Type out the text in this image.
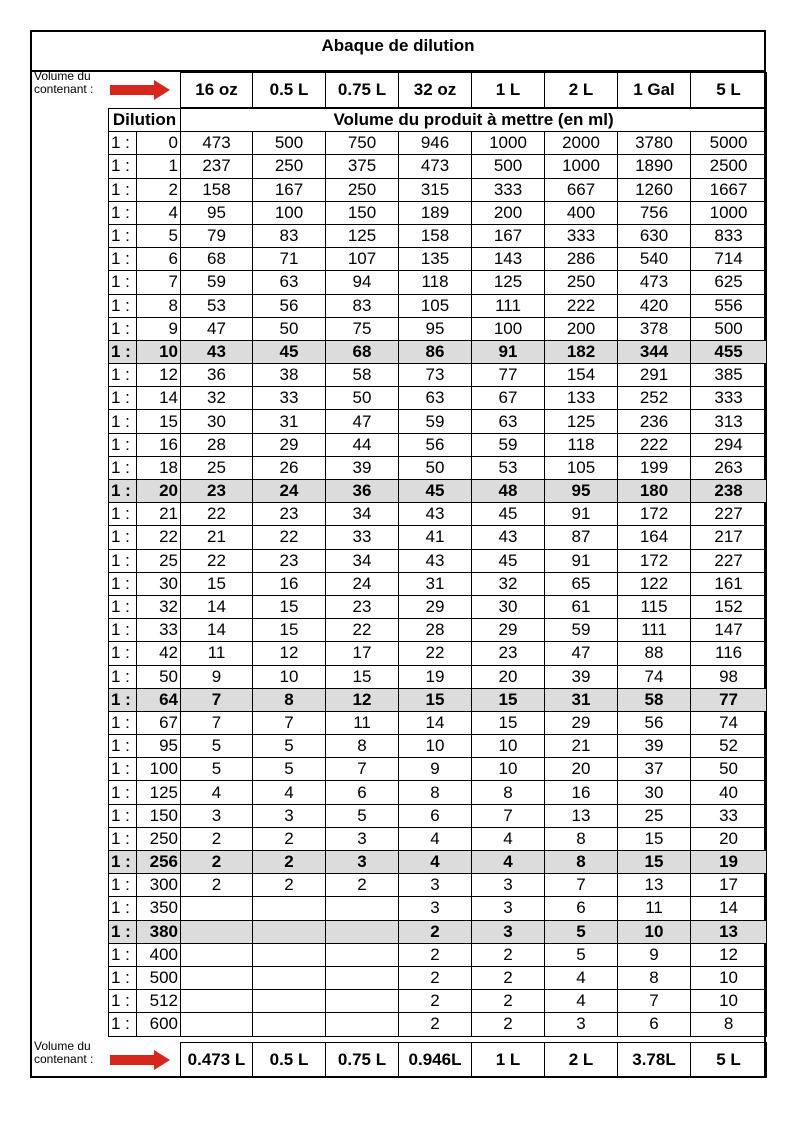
Abaque de dilution
Volume du contenant :	16 oz	0.5 L	0.75 L	32 oz	1 L	2 L	1 Gal	5 L
Dilution		Volume du produit à mettre (en ml)							
1 :	0	473	500	750	946	1000	2000	3780	5000
1 :	1	237	250	375	473	500	1000	1890	2500
1 :	2	158	167	250	315	333	667	1260	1667
1 :	4	95	100	150	189	200	400	756	1000
1 :	5	79	83	125	158	167	333	630	833
1 :	6	68	71	107	135	143	286	540	714
1 :	7	59	63	94	118	125	250	473	625
1 :	8	53	56	83	105	111	222	420	556
1 :	9	47	50	75	95	100	200	378	500
1 :	10	43	45	68	86	91	182	344	455
1 :	12	36	38	58	73	77	154	291	385
1 :	14	32	33	50	63	67	133	252	333
1 :	15	30	31	47	59	63	125	236	313
1 :	16	28	29	44	56	59	118	222	294
1 :	18	25	26	39	50	53	105	199	263
1 :	20	23	24	36	45	48	95	180	238
1 :	21	22	23	34	43	45	91	172	227
1 :	22	21	22	33	41	43	87	164	217
1 :	25	22	23	34	43	45	91	172	227
1 :	30	15	16	24	31	32	65	122	161
1 :	32	14	15	23	29	30	61	115	152
1 :	33	14	15	22	28	29	59	111	147
1 :	42	11	12	17	22	23	47	88	116
1 :	50	9	10	15	19	20	39	74	98
1 :	64	7	8	12	15	15	31	58	77
1 :	67	7	7	11	14	15	29	56	74
1 :	95	5	5	8	10	10	21	39	52
1 :	100	5	5	7	9	10	20	37	50
1 :	125	4	4	6	8	8	16	30	40
1 :	150	3	3	5	6	7	13	25	33
1 :	250	2	2	3	4	4	8	15	20
1 :	256	2	2	3	4	4	8	15	19
1 :	300	2	2	2	3	3	7	13	17
1 :	350				3	3	6	11	14
1 :	380				2	3	5	10	13
1 :	400				2	2	5	9	12
1 :	500				2	2	4	8	10
1 :	512				2	2	4	7	10
1 :	600				2	2	3	6	8
Volume du contenant :	0.473 L	0.5 L	0.75 L	0.946L	1 L	2 L	3.78L	5 L
